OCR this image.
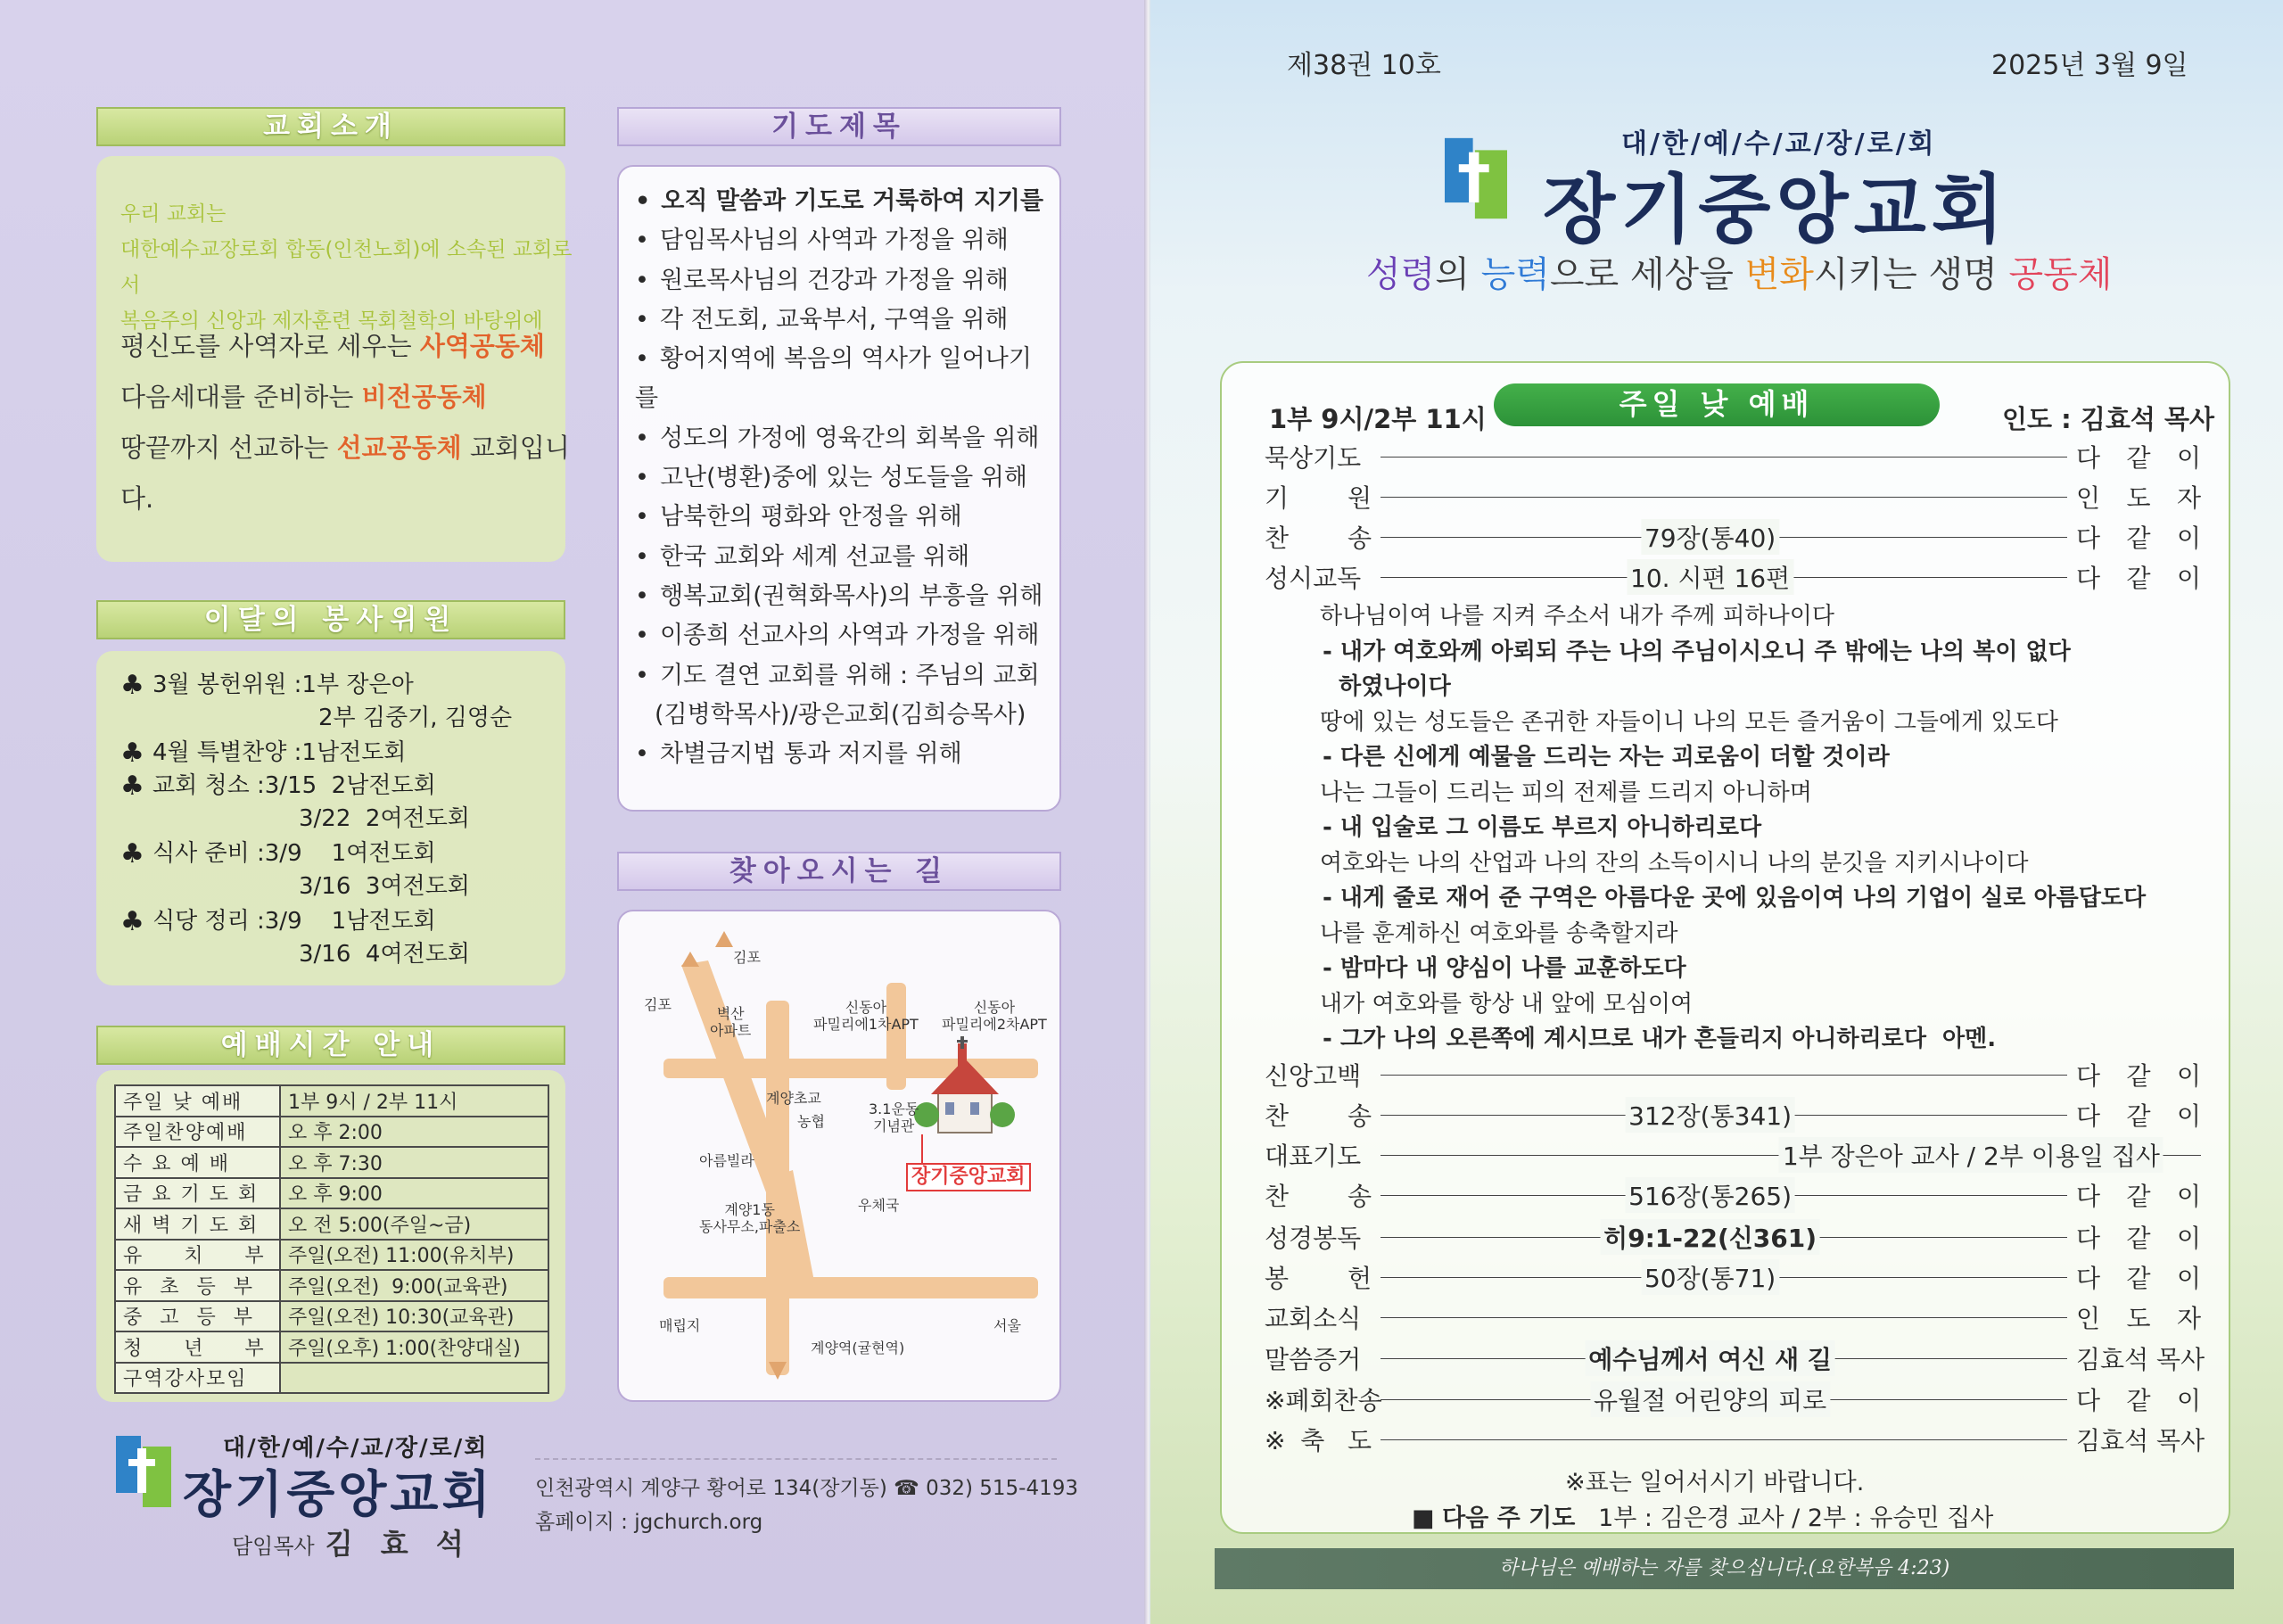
교회소개
우리 교회는
대한예수교장로회 합동(인천노회)에 소속된 교회로서
복음주의 신앙과 제자훈련 목회철학의 바탕위에
평신도를 사역자로 세우는 사역공동체
다음세대를 준비하는 비전공동체
땅끝까지 선교하는 선교공동체 교회입니다.
이달의 봉사위원
♣ 3월 봉헌위원 : 1부 장은아
2부 김중기, 김영순
♣ 4월 특별찬양 : 1남전도회
♣ 교회 청소 : 3/15  2남전도회
3/22  2여전도회
♣ 식사 준비 : 3/9    1여전도회
3/16  3여전도회
♣ 식당 정리 : 3/9    1남전도회
3/16  4여전도회
예배시간 안내
주일 낮 예배	1부 9시 / 2부 11시
주일찬양예배	오 후 2:00
수 요 예 배	오 후 7:30
금 요 기 도 회	오 후 9:00
새 벽 기 도 회	오 전 5:00(주일~금)
유     치     부	주일(오전) 11:00(유치부)
유  초  등  부	주일(오전)  9:00(교육관)
중  고  등  부	주일(오전) 10:30(교육관)
청     년     부	주일(오후) 1:00(찬양대실)
구역강사모임	
기도제목
• 오직 말씀과 기도로 거룩하여 지기를
• 담임목사님의 사역과 가정을 위해
• 원로목사님의 건강과 가정을 위해
• 각 전도회, 교육부서, 구역을 위해
• 황어지역에 복음의 역사가 일어나기를
• 성도의 가정에 영육간의 회복을 위해
• 고난(병환)중에 있는 성도들을 위해
• 남북한의 평화와 안정을 위해
• 한국 교회와 세계 선교를 위해
• 행복교회(권혁화목사)의 부흥을 위해
• 이종희 선교사의 사역과 가정을 위해
• 기도 결연 교회를 위해 : 주님의 교회
(김병학목사)/광은교회(김희승목사)
• 차별금지법 통과 저지를 위해
찾아오시는 길
김포
김포
벽산
아파트
신동아
파밀리에1차APT
신동아
파밀리에2차APT
계양초교
농협
3.1운동
기념관
장기중앙교회
아름빌라
계양1동
동사무소,파출소
우체국
매립지	서울
계양역(귤현역)
대/한/예/수/교/장/로/회
장기중앙교회
담임목사 김 효 석
인천광역시 계양구 황어로 134(장기동) ☎ 032) 515-4193
홈페이지 : jgchurch.org
제38권 10호	2025년 3월 9일
대/한/예/수/교/장/로/회
장기중앙교회
성령의 능력으로 세상을 변화시키는 생명 공동체
1부 9시/2부 11시	주일 낮 예배	인도 : 김효석 목사
묵상기도	다 같 이
기 원	인 도 자
찬 송	79장(통40)	다 같 이
성시교독	10. 시편 16편	다 같 이
하나님이여 나를 지켜 주소서 내가 주께 피하나이다
- 내가 여호와께 아뢰되 주는 나의 주님이시오니 주 밖에는 나의 복이 없다
하였나이다
땅에 있는 성도들은 존귀한 자들이니 나의 모든 즐거움이 그들에게 있도다
- 다른 신에게 예물을 드리는 자는 괴로움이 더할 것이라
나는 그들이 드리는 피의 전제를 드리지 아니하며
- 내 입술로 그 이름도 부르지 아니하리로다
여호와는 나의 산업과 나의 잔의 소득이시니 나의 분깃을 지키시나이다
- 내게 줄로 재어 준 구역은 아름다운 곳에 있음이여 나의 기업이 실로 아름답도다
나를 훈계하신 여호와를 송축할지라
- 밤마다 내 양심이 나를 교훈하도다
내가 여호와를 항상 내 앞에 모심이여
- 그가 나의 오른쪽에 계시므로 내가 흔들리지 아니하리로다  아멘.
신앙고백	다 같 이
찬 송	312장(통341)	다 같 이
대표기도	1부 장은아 교사 / 2부 이용일 집사
찬 송	516장(통265)	다 같 이
성경봉독	히9:1-22(신361)	다 같 이
봉 헌	50장(통71)	다 같 이
교회소식	인 도 자
말씀증거	예수님께서 여신 새 길	김효석 목사
※폐회찬송	유월절 어린양의 피로	다 같 이
※축 도	김효석 목사
※표는 일어서시기 바랍니다.
■ 다음 주 기도 1부 : 김은경 교사 / 2부 : 유승민 집사
하나님은 예배하는 자를 찾으십니다.(요한복음 4:23)
